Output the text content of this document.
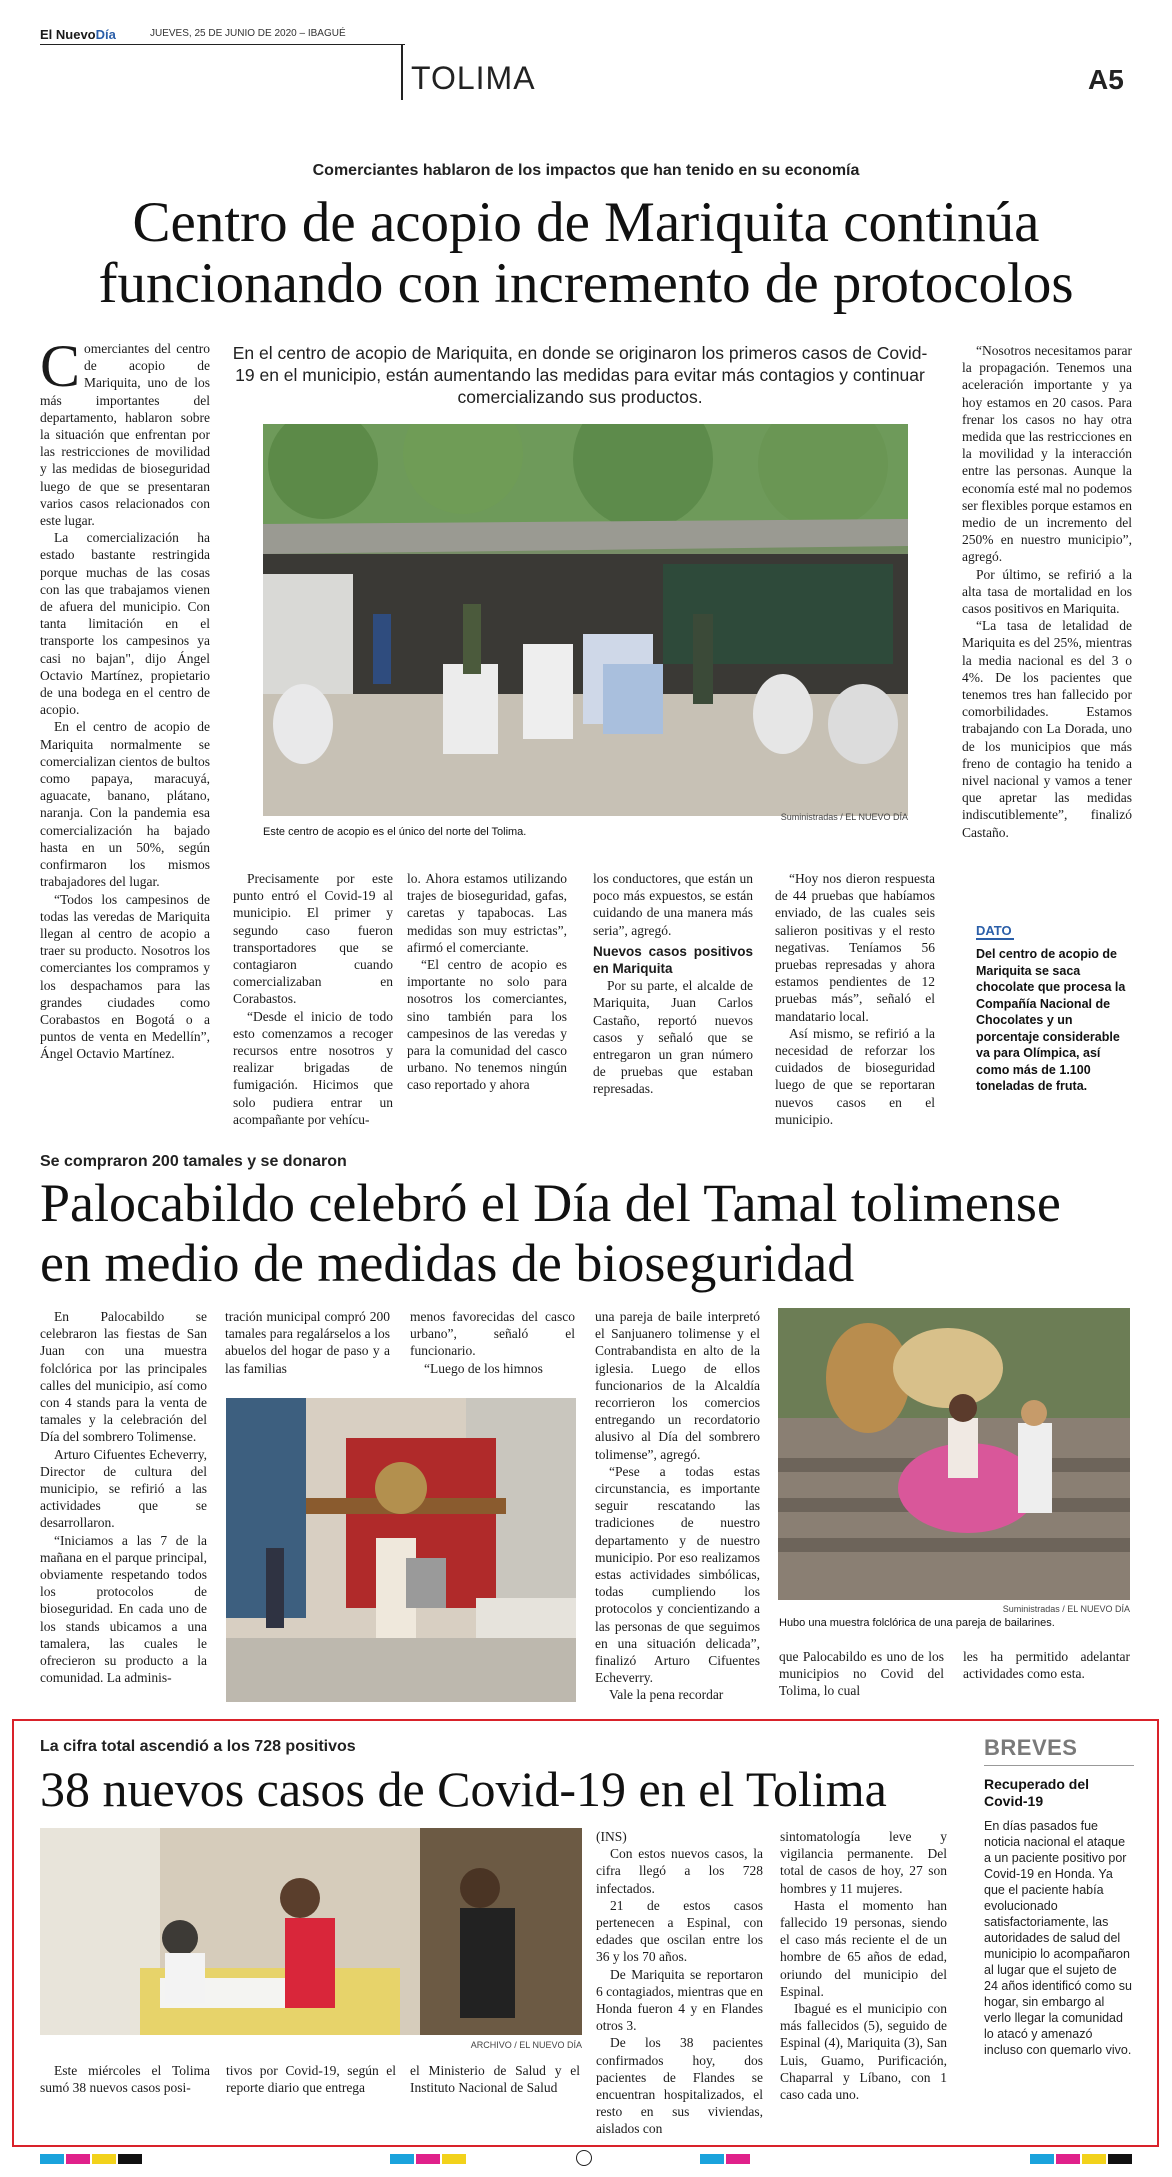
El NuevoDía	JUEVES, 25 DE JUNIO DE 2020 – IBAGUÉ
TOLIMA	A5
Comerciantes hablaron de los impactos que han tenido en su economía
Centro de acopio de Mariquita continúa
funcionando con incremento de protocolos

Comerciantes del centro de acopio de Mariquita, uno de los más importantes del departamento, hablaron sobre la situación que enfrentan por las restricciones de movilidad y las medidas de bioseguridad luego de que se presentaran varios casos relacionados con este lugar.

La comercialización ha estado bastante restringida porque muchas de las cosas con las que trabajamos vienen de afuera del municipio. Con tanta limitación en el transporte los campesinos ya casi no bajan", dijo Ángel Octavio Martínez, propietario de una bodega en el centro de acopio.

En el centro de acopio de Mariquita normalmente se comercializan cientos de bultos como papaya, maracuyá, aguacate, banano, plátano, naranja. Con la pandemia esa comercialización ha bajado hasta en un 50%, según confirmaron los mismos trabajadores del lugar.

“Todos los campesinos de todas las veredas de Mariquita llegan al centro de acopio a traer su producto. Nosotros los comerciantes los compramos y los despachamos para las grandes ciudades como Corabastos en Bogotá o a puntos de venta en Medellín”, Ángel Octavio Martínez.

En el centro de acopio de Mariquita, en donde se originaron los primeros casos de Covid-19 en el municipio, están aumentando las medidas para evitar más contagios y continuar comercializando sus productos.
Este centro de acopio es el único del norte del Tolima.
Suministradas / EL NUEVO DÍA

Precisamente por este punto entró el Covid-19 al municipio. El primer y segundo caso fueron transportadores que se contagiaron cuando comercializaban en Corabastos.

“Desde el inicio de todo esto comenzamos a recoger recursos entre nosotros y realizar brigadas de fumigación. Hicimos que solo pudiera entrar un acompañante por vehícu-

lo. Ahora estamos utilizando trajes de bioseguridad, gafas, caretas y tapabocas. Las medidas son muy estrictas”, afirmó el comerciante.

“El centro de acopio es importante no solo para nosotros los comerciantes, sino también para los campesinos de las veredas y para la comunidad del casco urbano. No tenemos ningún caso reportado y ahora

los conductores, que están un poco más expuestos, se están cuidando de una manera más seria”, agregó.

Nuevos casos positivos en Mariquita

Por su parte, el alcalde de Mariquita, Juan Carlos Castaño, reportó nuevos casos y señaló que se entregaron un gran número de pruebas que estaban represadas.

“Hoy nos dieron respuesta de 44 pruebas que habíamos enviado, de las cuales seis salieron positivas y el resto negativas. Teníamos 56 pruebas represadas y ahora estamos pendientes de 12 pruebas más”, señaló el mandatario local.

Así mismo, se refirió a la necesidad de reforzar los cuidados de bioseguridad luego de que se reportaran nuevos casos en el municipio.

“Nosotros necesitamos parar la propagación. Tenemos una aceleración importante y ya hoy estamos en 20 casos. Para frenar los casos no hay otra medida que las restricciones en la movilidad y la interacción entre las personas. Aunque la economía esté mal no podemos ser flexibles porque estamos en medio de un incremento del 250% en nuestro municipio”, agregó.

Por último, se refirió a la alta tasa de mortalidad en los casos positivos en Mariquita.

“La tasa de letalidad de Mariquita es del 25%, mientras la media nacional es del 3 o 4%. De los pacientes que tenemos tres han fallecido por comorbilidades. Estamos trabajando con La Dorada, uno de los municipios que más freno de contagio ha tenido a nivel nacional y vamos a tener que apretar las medidas indiscutiblemente”, finalizó Castaño.

DATO
Del centro de acopio de Mariquita se saca chocolate que procesa la Compañía Nacional de Chocolates y un porcentaje considerable va para Olímpica, así como más de 1.100 toneladas de fruta.
Se compraron 200 tamales y se donaron
Palocabildo celebró el Día del Tamal tolimense
en medio de medidas de bioseguridad

En Palocabildo se celebraron las fiestas de San Juan con una muestra folclórica por las principales calles del municipio, así como con 4 stands para la venta de tamales y la celebración del Día del sombrero Tolimense.

Arturo Cifuentes Echeverry, Director de cultura del municipio, se refirió a las actividades que se desarrollaron.

“Iniciamos a las 7 de la mañana en el parque principal, obviamente respetando todos los protocolos de bioseguridad. En cada uno de los stands ubicamos a una tamalera, las cuales le ofrecieron su producto a la comunidad. La adminis-

tración municipal compró 200 tamales para regalárselos a los abuelos del hogar de paso y a las familias

menos favorecidas del casco urbano”, señaló el funcionario.

“Luego de los himnos

una pareja de baile interpretó el Sanjuanero tolimense y el Contrabandista en alto de la iglesia. Luego de ellos funcionarios de la Alcaldía recorrieron los comercios entregando un recordatorio alusivo al Día del sombrero tolimense”, agregó.

“Pese a todas estas circunstancia, es importante seguir rescatando las tradiciones de nuestro departamento y de nuestro municipio. Por eso realizamos estas actividades simbólicas, todas cumpliendo los protocolos y concientizando a las personas de que seguimos en una situación delicada”, finalizó Arturo Cifuentes Echeverry.

Vale la pena recordar

Suministradas / EL NUEVO DÍA
Hubo una muestra folclórica de una pareja de bailarines.

que Palocabildo es uno de los municipios no Covid del Tolima, lo cual

les ha permitido adelantar actividades como esta.

La cifra total ascendió a los 728 positivos
38 nuevos casos de Covid-19 en el Tolima
ARCHIVO / EL NUEVO DÍA

Este miércoles el Tolima sumó 38 nuevos casos posi-

tivos por Covid-19, según el reporte diario que entrega

el Ministerio de Salud y el Instituto Nacional de Salud

(INS)

Con estos nuevos casos, la cifra llegó a los 728 infectados.

21 de estos casos pertenecen a Espinal, con edades que oscilan entre los 36 y los 70 años.

De Mariquita se reportaron 6 contagiados, mientras que en Honda fueron 4 y en Flandes otros 3.

De los 38 pacientes confirmados hoy, dos pacientes de Flandes se encuentran hospitalizados, el resto en sus viviendas, aislados con

sintomatología leve y vigilancia permanente. Del total de casos de hoy, 27 son hombres y 11 mujeres.

Hasta el momento han fallecido 19 personas, siendo el caso más reciente el de un hombre de 65 años de edad, oriundo del municipio del Espinal.

Ibagué es el municipio con más fallecidos (5), seguido de Espinal (4), Mariquita (3), San Luis, Guamo, Purificación, Chaparral y Líbano, con 1 caso cada uno.

BREVES
Recuperado del Covid-19
En días pasados fue noticia nacional el ataque a un paciente positivo por Covid-19 en Honda. Ya que el paciente había evolucionado satisfactoriamente, las autoridades de salud del municipio lo acompañaron al lugar que el sujeto de 24 años identificó como su hogar, sin embargo al verlo llegar la comunidad lo atacó y amenazó incluso con quemarlo vivo.
